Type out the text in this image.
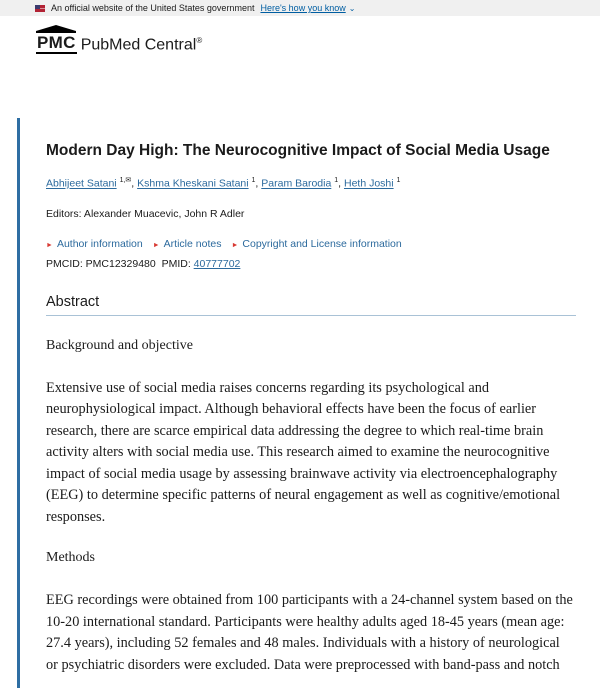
An official website of the United States government Here's how you know ⌄
PMC PubMed Central®
Modern Day High: The Neurocognitive Impact of Social Media Usage
Abhijeet Satani $^{1,✉}$, Kshma Kheskani Satani $^1$, Param Barodia $^1$, Heth Joshi $^1$
Editors: Alexander Muacevic, John R Adler
► Author information ► Article notes ► Copyright and License information
PMCID: PMC12329480 PMID: 40777702
Abstract
Background and objective

Extensive use of social media raises concerns regarding its psychological and neurophysiological impact. Although behavioral effects have been the focus of earlier research, there are scarce empirical data addressing the degree to which real-time brain activity alters with social media use. This research aimed to examine the neurocognitive impact of social media usage by assessing brainwave activity via electroencephalography (EEG) to determine specific patterns of neural engagement as well as cognitive/emotional responses.

Methods

EEG recordings were obtained from 100 participants with a 24-channel system based on the 10-20 international standard. Participants were healthy adults aged 18-45 years (mean age: 27.4 years), including 52 females and 48 males. Individuals with a history of neurological or psychiatric disorders were excluded. Data were preprocessed with band-pass and notch
